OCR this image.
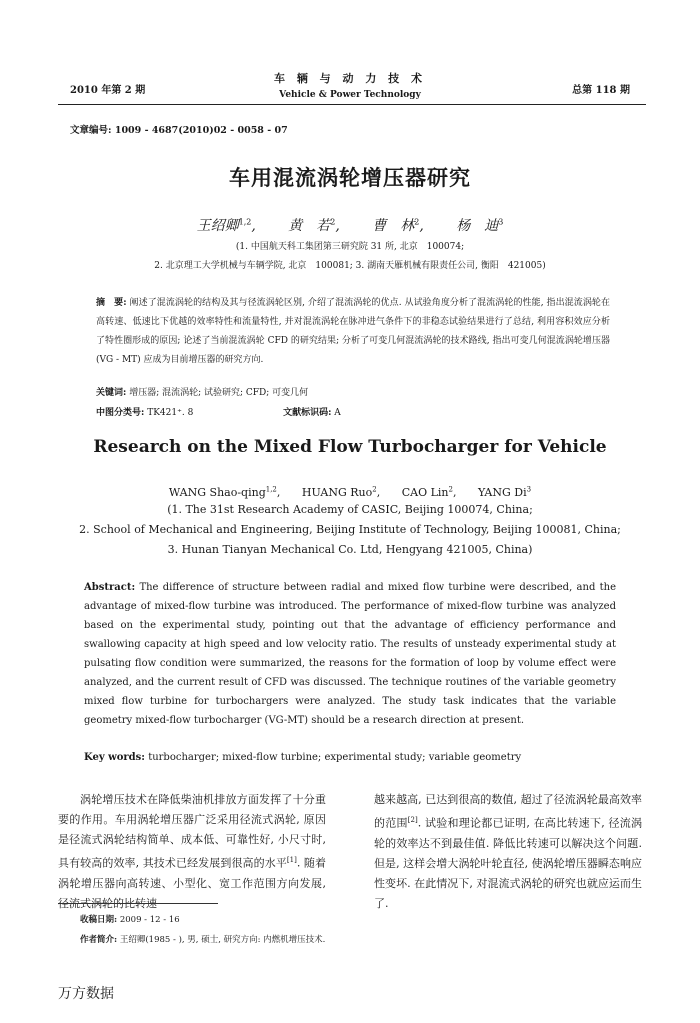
2010 年第 2 期
车 辆 与 动 力 技 术
Vehicle & Power Technology	总第 118 期
文章编号: 1009 - 4687(2010)02 - 0058 - 07
车用混流涡轮增压器研究
王绍卿$^{1,2}$, 黄　若$^2$, 曹　林$^2$, 杨　迪$^3$
(1. 中国航天科工集团第三研究院 31 所, 北京　100074;
2. 北京理工大学机械与车辆学院, 北京　100081; 3. 湖南天雁机械有限责任公司, 衡阳　421005)
摘　要: 阐述了混流涡轮的结构及其与径流涡轮区别, 介绍了混流涡轮的优点. 从试验角度分析了混流涡轮的性能, 指出混流涡轮在高转速、低速比下优越的效率特性和流量特性, 并对混流涡轮在脉冲进气条件下的非稳态试验结果进行了总结, 利用容积效应分析了特性圈形成的原因; 论述了当前混流涡轮 CFD 的研究结果; 分析了可变几何混流涡轮的技术路线, 指出可变几何混流涡轮增压器 (VG - MT) 应成为目前增压器的研究方向.
关键词: 增压器; 混流涡轮; 试验研究; CFD; 可变几何
中图分类号: TK421⁺. 8	文献标识码: A
Research on the Mixed Flow Turbocharger for Vehicle
WANG Shao-qing$^{1,2}$, HUANG Ruo$^2$, CAO Lin$^2$, YANG Di$^3$
(1. The 31st Research Academy of CASIC, Beijing 100074, China;
2. School of Mechanical and Engineering, Beijing Institute of Technology, Beijing 100081, China;
3. Hunan Tianyan Mechanical Co. Ltd, Hengyang 421005, China)
Abstract: The difference of structure between radial and mixed flow turbine were described, and the advantage of mixed-flow turbine was introduced. The performance of mixed-flow turbine was analyzed based on the experimental study, pointing out that the advantage of efficiency performance and swallowing capacity at high speed and low velocity ratio. The results of unsteady experimental study at pulsating flow condition were summarized, the reasons for the formation of loop by volume effect were analyzed, and the current result of CFD was discussed. The technique routines of the variable geometry mixed flow turbine for turbochargers were analyzed. The study task indicates that the variable geometry mixed-flow turbocharger (VG-MT) should be a research direction at present.
Key words: turbocharger; mixed-flow turbine; experimental study; variable geometry

涡轮增压技术在降低柴油机排放方面发挥了十分重要的作用。车用涡轮增压器广泛采用径流式涡轮, 原因是径流式涡轮结构简单、成本低、可靠性好, 小尺寸时, 具有较高的效率, 其技术已经发展到很高的水平[1]. 随着涡轮增压器向高转速、小型化、宽工作范围方向发展, 径流式涡轮的比转速

越来越高, 已达到很高的数值, 超过了径流涡轮最高效率的范围[2]. 试验和理论都已证明, 在高比转速下, 径流涡轮的效率达不到最佳值. 降低比转速可以解决这个问题. 但是, 这样会增大涡轮叶轮直径, 使涡轮增压器瞬态响应性变坏. 在此情况下, 对混流式涡轮的研究也就应运而生了.

收稿日期: 2009 - 12 - 16
作者简介: 王绍卿(1985 - ), 男, 硕士, 研究方向: 内燃机增压技术.
万方数据
